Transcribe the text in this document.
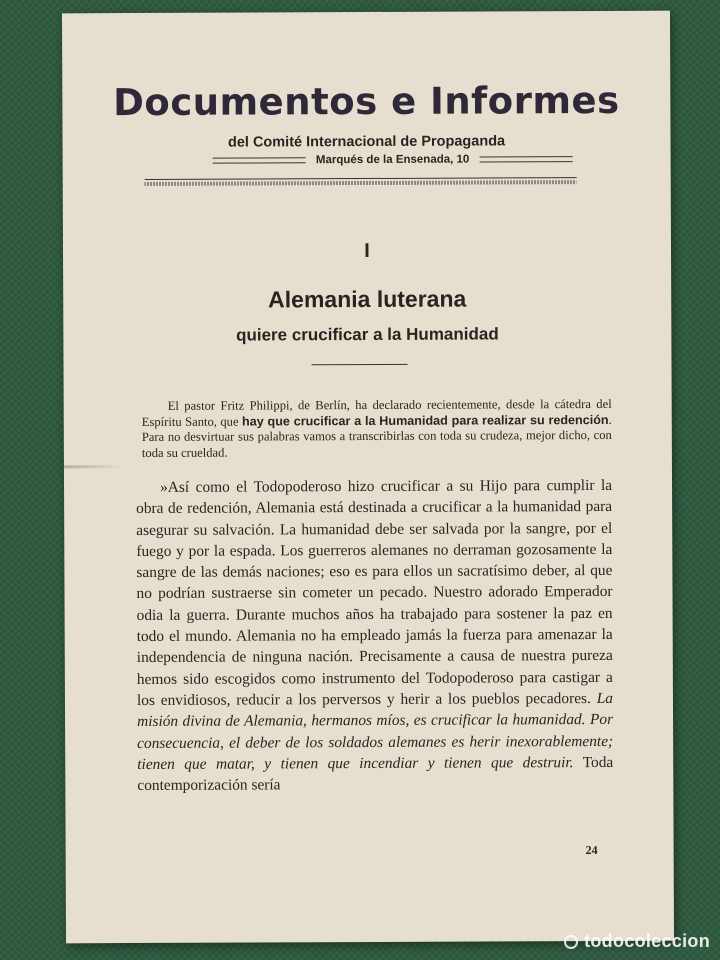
Documentos e Informes
del Comité Internacional de Propaganda
Marqués de la Ensenada, 10
I
Alemania luterana
quiere crucificar a la Humanidad

El pastor Fritz Philippi, de Berlín, ha declarado recientemente, desde la cátedra del Espíritu Santo, que hay que crucificar a la Humanidad para realizar su redención. Para no desvirtuar sus palabras vamos a transcribirlas con toda su crudeza, mejor dicho, con toda su crueldad.

»Así como el Todopoderoso hizo crucificar a su Hijo para cumplir la obra de redención, Alemania está destinada a crucificar a la humanidad para asegurar su salvación. La humanidad debe ser salvada por la sangre, por el fuego y por la espada. Los guerreros alemanes no derraman gozosamente la sangre de las demás naciones; eso es para ellos un sacratísimo deber, al que no podrían sustraerse sin cometer un pecado. Nuestro adorado Emperador odia la guerra. Durante muchos años ha trabajado para sostener la paz en todo el mundo. Alemania no ha empleado jamás la fuerza para amenazar la independencia de ninguna nación. Precisamente a causa de nuestra pureza hemos sido escogidos como instrumento del Todopoderoso para castigar a los envidiosos, reducir a los perversos y herir a los pueblos pecadores. La misión divina de Alemania, hermanos míos, es crucificar la humanidad. Por consecuencia, el deber de los soldados alemanes es herir inexorablemente; tienen que matar, y tienen que incendiar y tienen que destruir. Toda contemporización sería

24
todocoleccion
